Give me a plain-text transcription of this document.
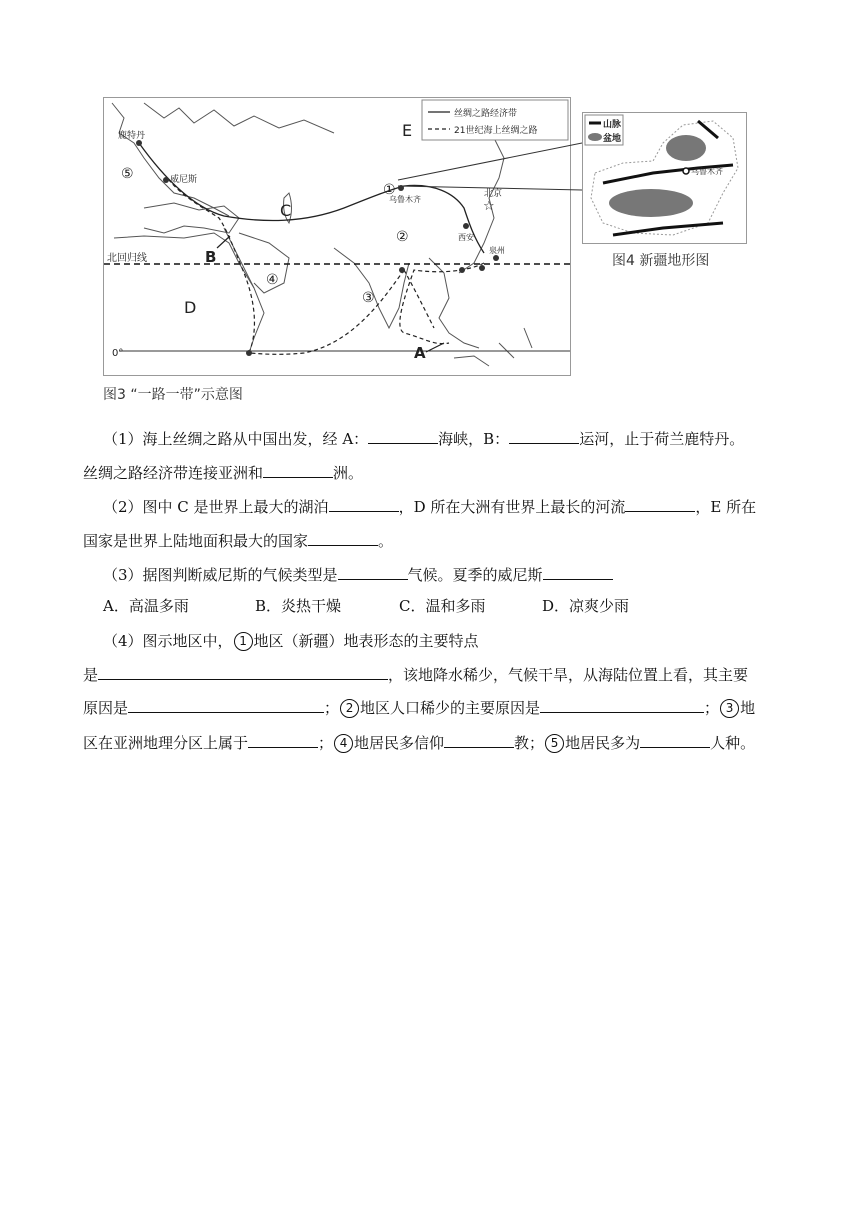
☆
丝绸之路经济带
21世纪海上丝绸之路
E
D
C
A
B
北回归线
0°
鹿特丹
威尼斯
乌鲁木齐
西安
北京
泉州
①
②
③
④
⑤
山脉
盆地
乌鲁木齐
图4 新疆地形图
图3 “一路一带”示意图
（1）海上丝绸之路从中国出发，经 A：	海峡，B：	运河，止于荷兰鹿特丹。
丝绸之路经济带连接亚洲和	洲。
（2）图中 C 是世界上最大的湖泊	，D 所在大洲有世界上最长的河流	，E 所在
国家是世界上陆地面积最大的国家	。
（3）据图判断威尼斯的气候类型是	气候。夏季的威尼斯
A．高温多雨	B．炎热干燥	C．温和多雨	D．凉爽少雨
（4）图示地区中， 1 地区（新疆）地表形态的主要特点
是	，该地降水稀少，气候干旱，从海陆位置上看，其主要
原因是	； 2 地区人口稀少的主要原因是	； 3 地
区在亚洲地理分区上属于	； 4 地居民多信仰	教； 5 地居民多为	人种。
